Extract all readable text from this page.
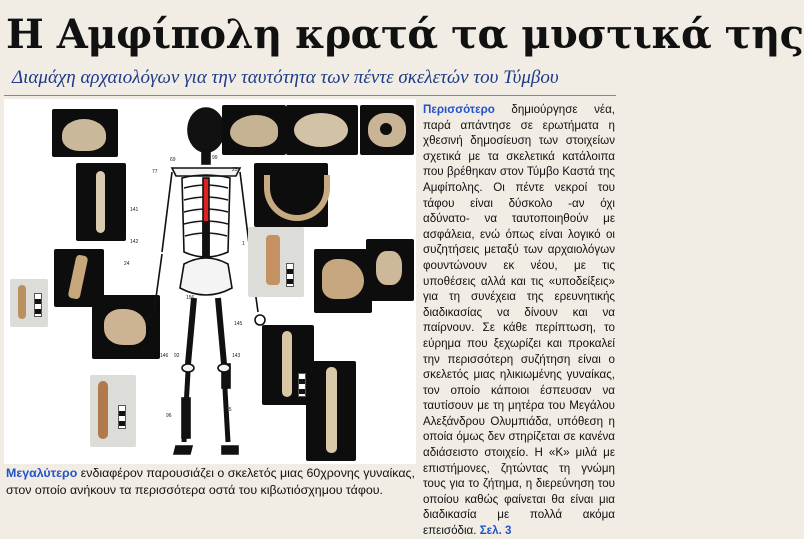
Η Αμφίπολη κρατά τα μυστικά της
Διαμάχη αρχαιολόγων για την ταυτότητα των πέντε σκελετών του Τύμβου
69	99
77	25
141
142	1
24
156
146	143
145
92
95
96
Μεγαλύτερο ενδιαφέρον παρουσιάζει ο σκελετός μιας 60χρονης γυναίκας, στον οποίο ανήκουν τα περισσότερα οστά του κιβωτιόσχημου τάφου.
Περισσότερο δημιούργησε νέα, παρά απάντησε σε ερωτήματα η χθεσινή δημοσίευση των στοιχείων σχετικά με τα σκελετικά κατάλοιπα που βρέθηκαν στον Τύμβο Καστά της Αμφίπολης. Οι πέντε νεκροί του τάφου είναι δύσκολο -αν όχι αδύνατο- να ταυτοποιηθούν με ασφάλεια, ενώ όπως είναι λογικό οι συζητήσεις μεταξύ των αρχαιολόγων φουντώνουν εκ νέου, με τις υποθέσεις αλλά και τις «υποδείξεις» για τη συνέχεια της ερευνητικής διαδικασίας να δίνουν και να παίρνουν. Σε κάθε περίπτωση, το εύρημα που ξεχωρίζει και προκαλεί την περισσότερη συζήτηση είναι ο σκελετός μιας ηλικιωμένης γυναίκας, τον οποίο κάποιοι έσπευσαν να ταυτίσουν με τη μητέρα του Μεγάλου Αλεξάνδρου Ολυμπιάδα, υπόθεση η οποία όμως δεν στηρίζεται σε κανένα αδιάσειστο στοιχείο. Η «Κ» μιλά με επιστήμονες, ζητώντας τη γνώμη τους για το ζήτημα, η διερεύνηση του οποίου καθώς φαίνεται θα είναι μια διαδικασία με πολλά ακόμα επεισόδια. Σελ. 3
